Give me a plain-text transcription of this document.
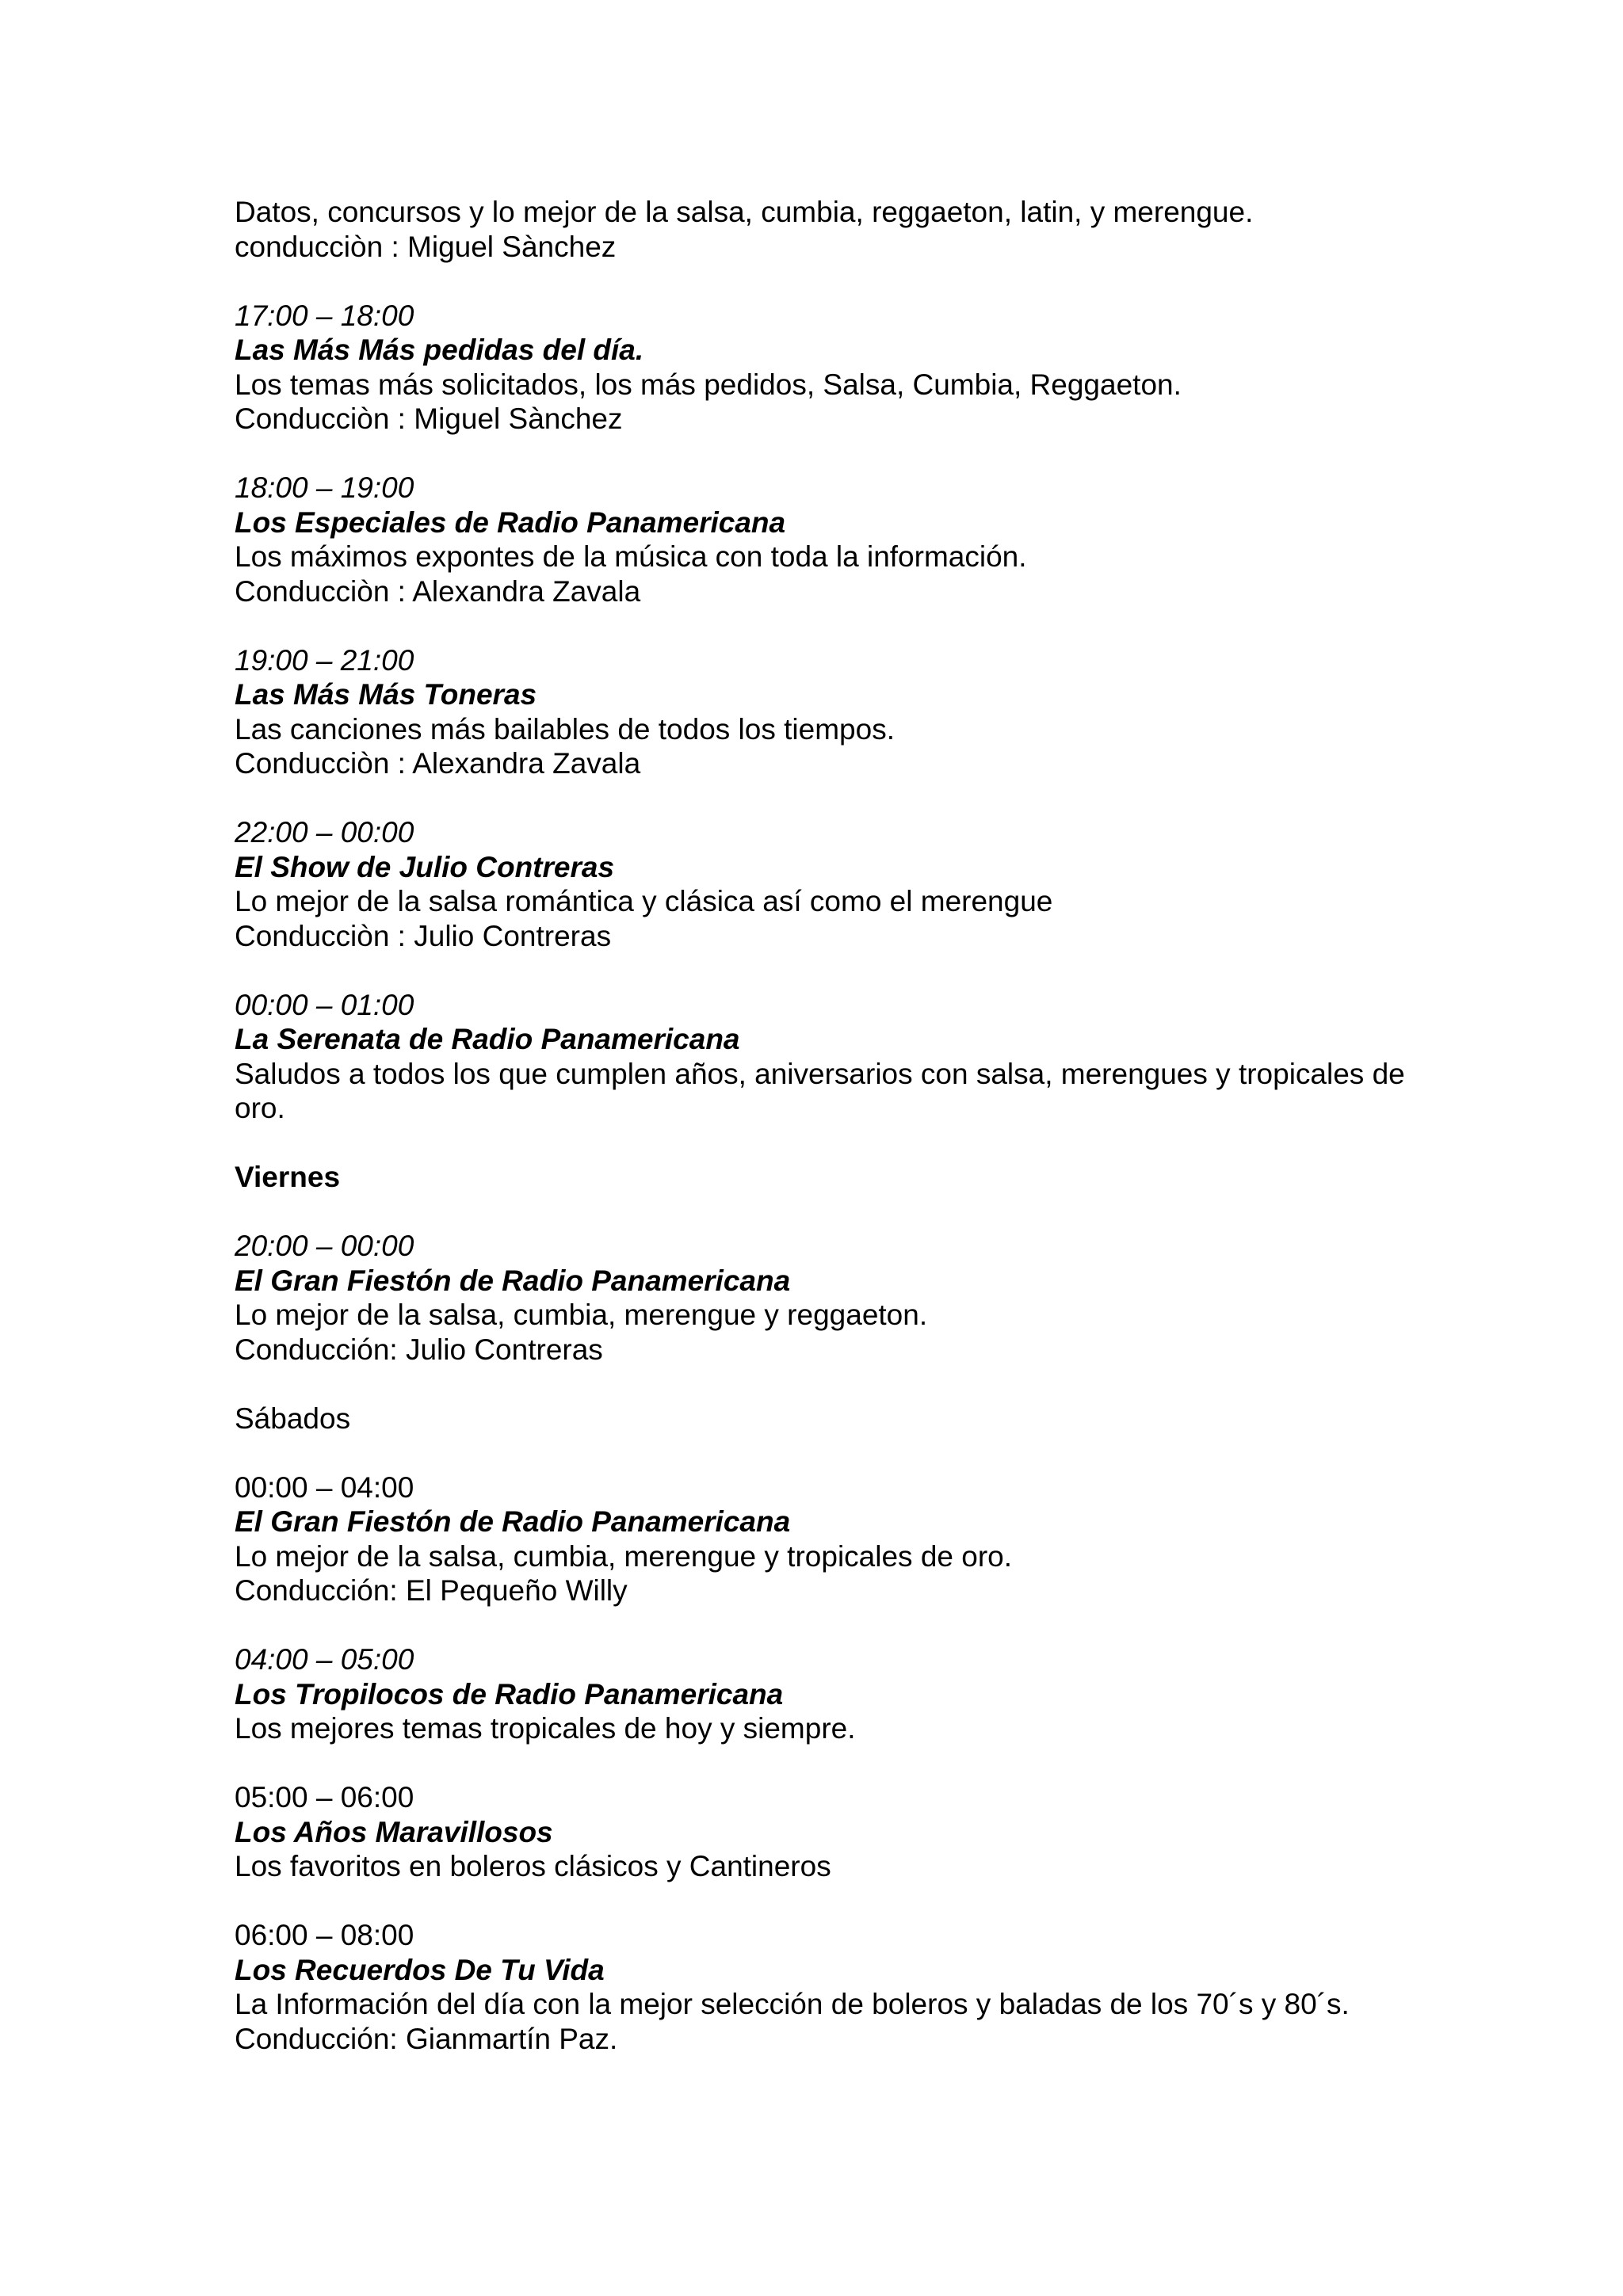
Datos, concursos y lo mejor de la salsa, cumbia, reggaeton, latin, y merengue.
conducciòn : Miguel Sànchez
17:00 – 18:00
Las Más Más pedidas del día.
Los temas más solicitados, los más pedidos, Salsa, Cumbia, Reggaeton.
Conducciòn : Miguel Sànchez
18:00 – 19:00
Los Especiales de Radio Panamericana
Los máximos expontes de la música con toda la información.
Conducciòn : Alexandra Zavala
19:00 – 21:00
Las Más Más Toneras
Las canciones más bailables de todos los tiempos.
Conducciòn : Alexandra Zavala
22:00 – 00:00
El Show de Julio Contreras
Lo mejor de la salsa romántica y clásica así como el merengue
Conducciòn : Julio Contreras
00:00 – 01:00
La Serenata de Radio Panamericana
Saludos a todos los que cumplen años, aniversarios con salsa, merengues y tropicales de oro.
Viernes
20:00 – 00:00
El Gran Fiestón de Radio Panamericana
Lo mejor de la salsa, cumbia, merengue y reggaeton.
Conducción: Julio Contreras
Sábados
00:00 – 04:00
El Gran Fiestón de Radio Panamericana
Lo mejor de la salsa, cumbia, merengue y tropicales de oro.
Conducción: El Pequeño Willy
04:00 – 05:00
Los Tropilocos de Radio Panamericana
Los mejores temas tropicales de hoy y siempre.
05:00 – 06:00
Los Años Maravillosos
Los favoritos en boleros clásicos y Cantineros
06:00 – 08:00
Los Recuerdos De Tu Vida
La Información del día con la mejor selección de boleros y baladas de los 70´s y 80´s.
Conducción: Gianmartín Paz.
